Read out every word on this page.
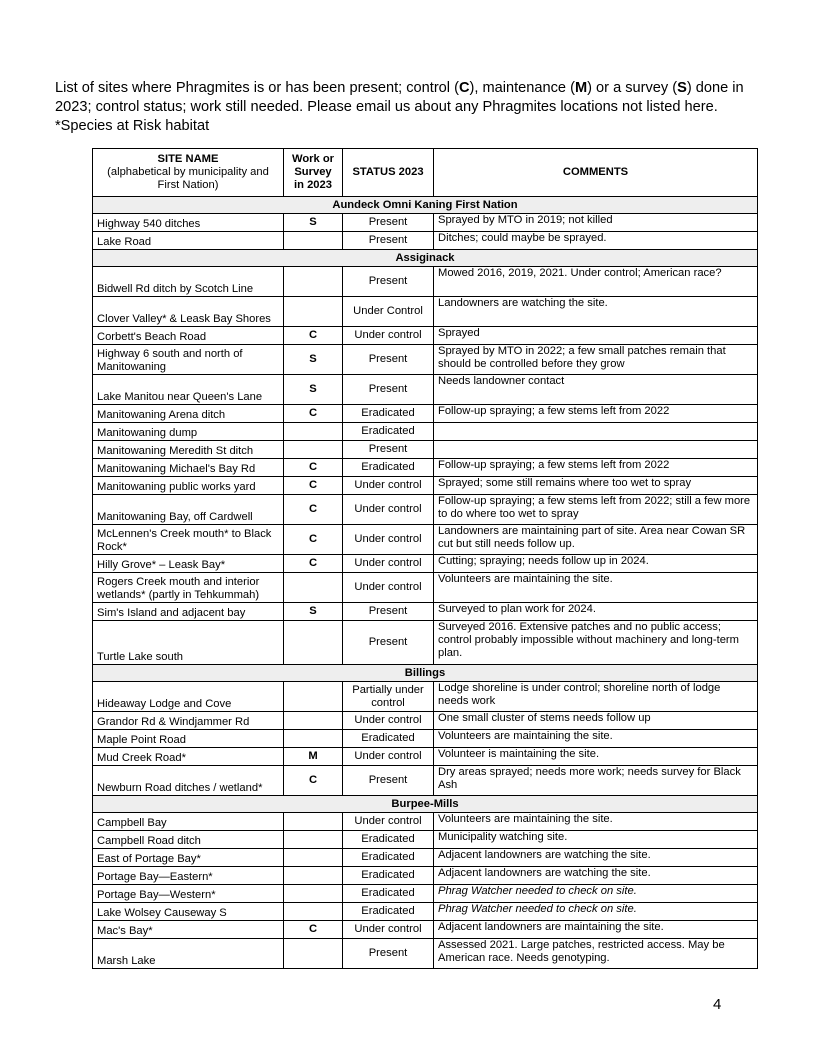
List of sites where Phragmites is or has been present; control (C), maintenance (M) or a survey (S) done in 2023; control status; work still needed. Please email us about any Phragmites locations not listed here.
*Species at Risk habitat
SITE NAME
(alphabetical by municipality and First Nation)	Work or Survey in 2023	STATUS 2023	COMMENTS
Aundeck Omni Kaning First Nation			
Highway 540 ditches	S	Present	Sprayed by MTO in 2019; not killed
Lake Road		Present	Ditches; could maybe be sprayed.
Assiginack			
Bidwell Rd ditch by Scotch Line		Present	Mowed 2016, 2019, 2021. Under control; American race?
Clover Valley* & Leask Bay Shores		Under Control	Landowners are watching the site.
Corbett's Beach Road	C	Under control	Sprayed
Highway 6 south and north of Manitowaning	S	Present	Sprayed by MTO in 2022; a few small patches remain that should be controlled before they grow
Lake Manitou near Queen's Lane	S	Present	Needs landowner contact
Manitowaning Arena ditch	C	Eradicated	Follow-up spraying; a few stems left from 2022
Manitowaning dump		Eradicated	
Manitowaning Meredith St ditch		Present	
Manitowaning Michael's Bay Rd	C	Eradicated	Follow-up spraying; a few stems left from 2022
Manitowaning public works yard	C	Under control	Sprayed; some still remains where too wet to spray
Manitowaning Bay, off Cardwell	C	Under control	Follow-up spraying; a few stems left from 2022; still a few more to do where too wet to spray
McLennen's Creek mouth* to Black Rock*	C	Under control	Landowners are maintaining part of site. Area near Cowan SR cut but still needs follow up.
Hilly Grove* – Leask Bay*	C	Under control	Cutting; spraying; needs follow up in 2024.
Rogers Creek mouth and interior wetlands* (partly in Tehkummah)		Under control	Volunteers are maintaining the site.
Sim's Island and adjacent bay	S	Present	Surveyed to plan work for 2024.
Turtle Lake south		Present	Surveyed 2016. Extensive patches and no public access; control probably impossible without machinery and long-term plan.
Billings			
Hideaway Lodge and Cove		Partially under control	Lodge shoreline is under control; shoreline north of lodge needs work
Grandor Rd & Windjammer Rd		Under control	One small cluster of stems needs follow up
Maple Point Road		Eradicated	Volunteers are maintaining the site.
Mud Creek Road*	M	Under control	Volunteer is maintaining the site.
Newburn Road ditches / wetland*	C	Present	Dry areas sprayed; needs more work; needs survey for Black Ash
Burpee-Mills			
Campbell Bay		Under control	Volunteers are maintaining the site.
Campbell Road ditch		Eradicated	Municipality watching site.
East of Portage Bay*		Eradicated	Adjacent landowners are watching the site.
Portage Bay—Eastern*		Eradicated	Adjacent landowners are watching the site.
Portage Bay—Western*		Eradicated	Phrag Watcher needed to check on site.
Lake Wolsey Causeway S		Eradicated	Phrag Watcher needed to check on site.
Mac's Bay*	C	Under control	Adjacent landowners are maintaining the site.
Marsh Lake		Present	Assessed 2021. Large patches, restricted access. May be American race. Needs genotyping.
4
